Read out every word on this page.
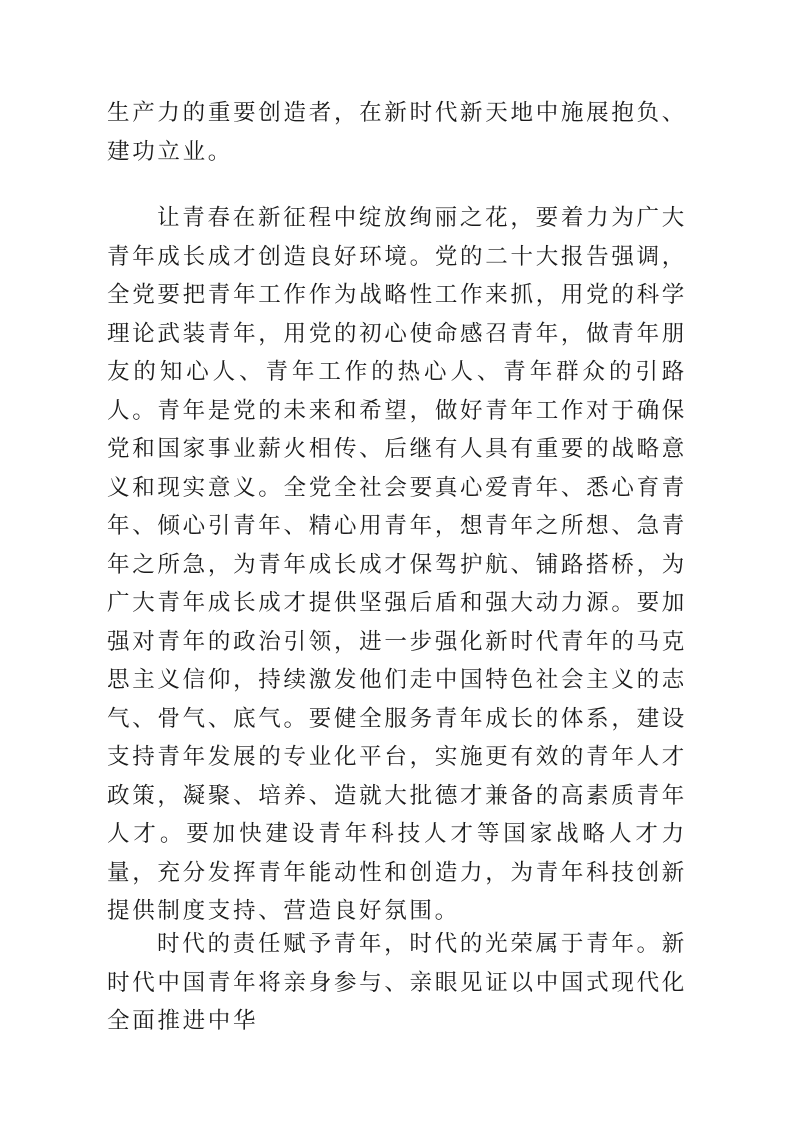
生产力的重要创造者，在新时代新天地中施展抱负、建功立业。

让青春在新征程中绽放绚丽之花，要着力为广大青年成长成才创造良好环境。党的二十大报告强调，全党要把青年工作作为战略性工作来抓，用党的科学理论武装青年，用党的初心使命感召青年，做青年朋友的知心人、青年工作的热心人、青年群众的引路人。青年是党的未来和希望，做好青年工作对于确保党和国家事业薪火相传、后继有人具有重要的战略意义和现实意义。全党全社会要真心爱青年、悉心育青年、倾心引青年、精心用青年，想青年之所想、急青年之所急，为青年成长成才保驾护航、铺路搭桥，为广大青年成长成才提供坚强后盾和强大动力源。要加强对青年的政治引领，进一步强化新时代青年的马克思主义信仰，持续激发他们走中国特色社会主义的志气、骨气、底气。要健全服务青年成长的体系，建设支持青年发展的专业化平台，实施更有效的青年人才政策，凝聚、培养、造就大批德才兼备的高素质青年人才。要加快建设青年科技人才等国家战略人才力量，充分发挥青年能动性和创造力，为青年科技创新提供制度支持、营造良好氛围。

时代的责任赋予青年，时代的光荣属于青年。新时代中国青年将亲身参与、亲眼见证以中国式现代化全面推进中华
